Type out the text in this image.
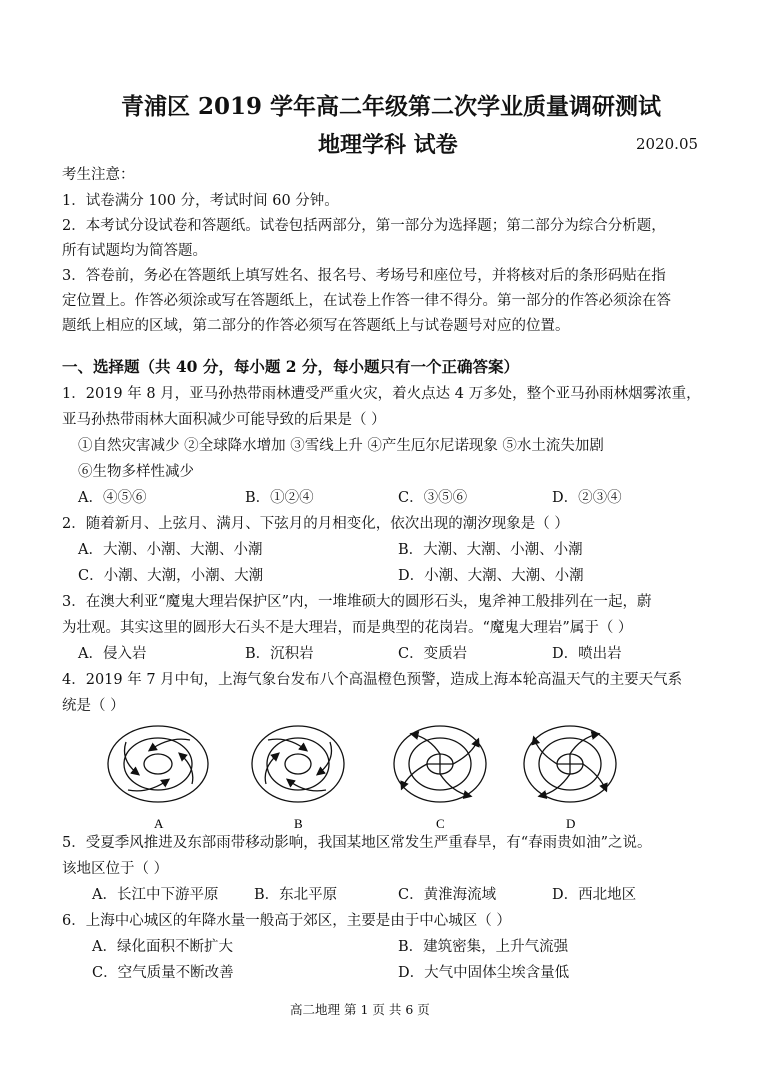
青浦区 2019 学年高二年级第二次学业质量调研测试
地理学科 试卷	2020.05
考生注意：
1．试卷满分 100 分，考试时间 60 分钟。
2．本考试分设试卷和答题纸。试卷包括两部分，第一部分为选择题；第二部分为综合分析题，
所有试题均为简答题。
3．答卷前，务必在答题纸上填写姓名、报名号、考场号和座位号，并将核对后的条形码贴在指
定位置上。作答必须涂或写在答题纸上，在试卷上作答一律不得分。第一部分的作答必须涂在答
题纸上相应的区域，第二部分的作答必须写在答题纸上与试卷题号对应的位置。
一、选择题（共 40 分，每小题 2 分，每小题只有一个正确答案）
1．2019 年 8 月，亚马孙热带雨林遭受严重火灾，着火点达 4 万多处，整个亚马孙雨林烟雾浓重，
亚马孙热带雨林大面积减少可能导致的后果是（ ）
①自然灾害减少 ②全球降水增加 ③雪线上升 ④产生厄尔尼诺现象 ⑤水土流失加剧
⑥生物多样性减少
A．④⑤⑥	B．①②④	C．③⑤⑥	D．②③④
2．随着新月、上弦月、满月、下弦月的月相变化，依次出现的潮汐现象是（ ）
A．大潮、小潮、大潮、小潮	B．大潮、大潮、小潮、小潮
C．小潮、大潮，小潮、大潮	D．小潮、大潮、大潮、小潮
3．在澳大利亚“魔鬼大理岩保护区”内，一堆堆硕大的圆形石头，鬼斧神工般排列在一起，蔚
为壮观。其实这里的圆形大石头不是大理岩，而是典型的花岗岩。“魔鬼大理岩”属于（ ）
A．侵入岩	B．沉积岩	C．变质岩	D．喷出岩
4．2019 年 7 月中旬，上海气象台发布八个高温橙色预警，造成上海本轮高温天气的主要天气系
统是（ ）
A	B	C	D
5．受夏季风推进及东部雨带移动影响，我国某地区常发生严重春旱，有“春雨贵如油”之说。
该地区位于（ ）
A．长江中下游平原 B．东北平原	C．黄淮海流域	D．西北地区
6．上海中心城区的年降水量一般高于郊区，主要是由于中心城区（ ）
A．绿化面积不断扩大	B．建筑密集，上升气流强
C．空气质量不断改善	D．大气中固体尘埃含量低
高二地理 第 1 页 共 6 页
